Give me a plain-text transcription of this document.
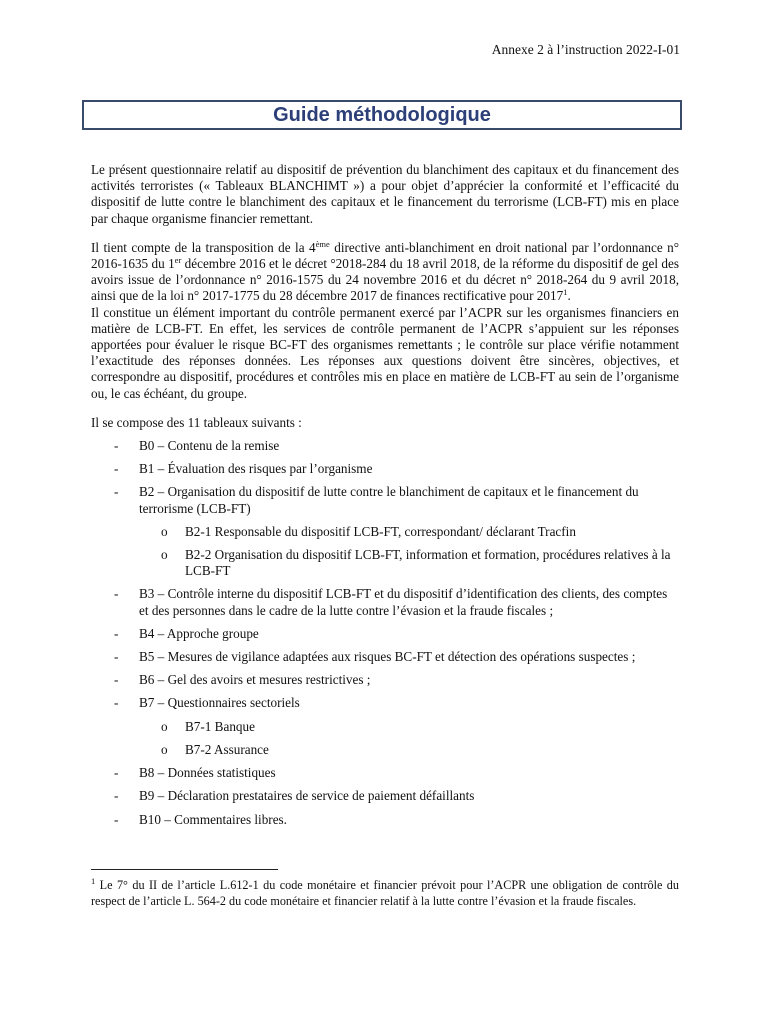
Annexe 2 à l’instruction 2022-I-01
Guide méthodologique

Le présent questionnaire relatif au dispositif de prévention du blanchiment des capitaux et du financement des activités terroristes (« Tableaux BLANCHIMT ») a pour objet d’apprécier la conformité et l’efficacité du dispositif de lutte contre le blanchiment des capitaux et le financement du terrorisme (LCB-FT) mis en place par chaque organisme financier remettant.

Il tient compte de la transposition de la 4ème directive anti-blanchiment en droit national par l’ordonnance n° 2016-1635 du 1er décembre 2016 et le décret °2018-284 du 18 avril 2018, de la réforme du dispositif de gel des avoirs issue de l’ordonnance n° 2016-1575 du 24 novembre 2016 et du décret n° 2018-264 du 9 avril 2018, ainsi que de la loi n° 2017-1775 du 28 décembre 2017 de finances rectificative pour 2017$^1$.

Il constitue un élément important du contrôle permanent exercé par l’ACPR sur les organismes financiers en matière de LCB-FT. En effet, les services de contrôle permanent de l’ACPR s’appuient sur les réponses apportées pour évaluer le risque BC-FT des organismes remettants ; le contrôle sur place vérifie notamment l’exactitude des réponses données. Les réponses aux questions doivent être sincères, objectives, et correspondre au dispositif, procédures et contrôles mis en place en matière de LCB-FT au sein de l’organisme ou, le cas échéant, du groupe.

Il se compose des 11 tableaux suivants :

- B0 – Contenu de la remise
- B1 – Évaluation des risques par l’organisme
- B2 – Organisation du dispositif de lutte contre le blanchiment de capitaux et le financement du terrorisme (LCB-FT)
o B2-1 Responsable du dispositif LCB-FT, correspondant/ déclarant Tracfin
o B2-2 Organisation du dispositif LCB-FT, information et formation, procédures relatives à la LCB-FT
- B3 – Contrôle interne du dispositif LCB-FT et du dispositif d’identification des clients, des comptes et des personnes dans le cadre de la lutte contre l’évasion et la fraude fiscales ;
- B4 – Approche groupe
- B5 – Mesures de vigilance adaptées aux risques BC-FT et détection des opérations suspectes ;
- B6 – Gel des avoirs et mesures restrictives ;
- B7 – Questionnaires sectoriels
o B7-1 Banque
o B7-2 Assurance
- B8 – Données statistiques
- B9 – Déclaration prestataires de service de paiement défaillants
- B10 – Commentaires libres.

$^1$ Le 7° du II de l’article L.612-1 du code monétaire et financier prévoit pour l’ACPR une obligation de contrôle du respect de l’article L. 564-2 du code monétaire et financier relatif à la lutte contre l’évasion et la fraude fiscales.
